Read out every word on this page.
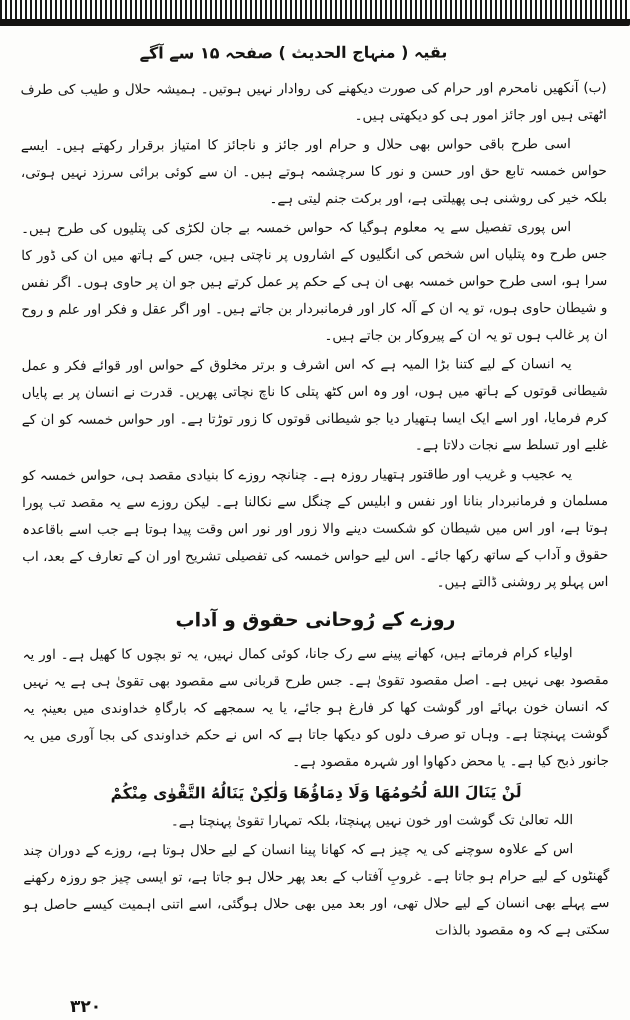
بقیہ ( منہاج الحدیث ) صفحہ ۱۵ سے آگے

(ب) آنکھیں نامحرم اور حرام کی صورت دیکھنے کی روادار نہیں ہوتیں۔ ہمیشہ حلال و طیب کی طرف اٹھتی ہیں اور جائز امور ہی کو دیکھتی ہیں۔

اسی طرح باقی حواس بھی حلال و حرام اور جائز و ناجائز کا امتیاز برقرار رکھتے ہیں۔ ایسے حواس خمسہ تابع حق اور حسن و نور کا سرچشمہ ہوتے ہیں۔ ان سے کوئی برائی سرزد نہیں ہوتی، بلکہ خیر کی روشنی ہی پھیلتی ہے، اور برکت جنم لیتی ہے۔

اس پوری تفصیل سے یہ معلوم ہوگیا کہ حواس خمسہ بے جان لکڑی کی پتلیوں کی طرح ہیں۔ جس طرح وہ پتلیاں اس شخص کی انگلیوں کے اشاروں پر ناچتی ہیں، جس کے ہاتھ میں ان کی ڈور کا سرا ہو، اسی طرح حواس خمسہ بھی ان ہی کے حکم پر عمل کرتے ہیں جو ان پر حاوی ہوں۔ اگر نفس و شیطان حاوی ہوں، تو یہ ان کے آلہ کار اور فرمانبردار بن جاتے ہیں۔ اور اگر عقل و فکر اور علم و روح ان پر غالب ہوں تو یہ ان کے پیروکار بن جاتے ہیں۔

یہ انسان کے لیے کتنا بڑا المیہ ہے کہ اس اشرف و برتر مخلوق کے حواس اور قوائے فکر و عمل شیطانی قوتوں کے ہاتھ میں ہوں، اور وہ اس کٹھ پتلی کا ناچ نچاتی پھریں۔ قدرت نے انسان پر بے پایاں کرم فرمایا، اور اسے ایک ایسا ہتھیار دیا جو شیطانی قوتوں کا زور توڑتا ہے۔ اور حواس خمسہ کو ان کے غلبے اور تسلط سے نجات دلاتا ہے۔

یہ عجیب و غریب اور طاقتور ہتھیار روزہ ہے۔ چنانچہ روزے کا بنیادی مقصد ہی، حواس خمسہ کو مسلمان و فرمانبردار بنانا اور نفس و ابلیس کے چنگل سے نکالنا ہے۔ لیکن روزے سے یہ مقصد تب پورا ہوتا ہے، اور اس میں شیطان کو شکست دینے والا زور اور نور اس وقت پیدا ہوتا ہے جب اسے باقاعدہ حقوق و آداب کے ساتھ رکھا جائے۔ اس لیے حواس خمسہ کی تفصیلی تشریح اور ان کے تعارف کے بعد، اب اس پہلو پر روشنی ڈالتے ہیں۔

روزے کے رُوحانی حقوق و آداب

اولیاء کرام فرماتے ہیں، کھانے پینے سے رک جانا، کوئی کمال نہیں، یہ تو بچوں کا کھیل ہے۔ اور یہ مقصود بھی نہیں ہے۔ اصل مقصود تقویٰ ہے۔ جس طرح قربانی سے مقصود بھی تقویٰ ہی ہے یہ نہیں کہ انسان خون بہائے اور گوشت کھا کر فارغ ہو جائے، یا یہ سمجھے کہ بارگاہِ خداوندی میں بعینہٖ یہ گوشت پہنچتا ہے۔ وہاں تو صرف دلوں کو دیکھا جاتا ہے کہ اس نے حکم خداوندی کی بجا آوری میں یہ جانور ذبح کیا ہے۔ یا محض دکھاوا اور شہرہ مقصود ہے۔

لَنْ يَنَالَ اللهَ لُحُومُهَا وَلَا دِمَاؤُهَا وَلٰكِنْ يَنَالُهُ التَّقْوٰى مِنْكُمْ

اللہ تعالیٰ تک گوشت اور خون نہیں پہنچتا، بلکہ تمہارا تقویٰ پہنچتا ہے۔

اس کے علاوہ سوچنے کی یہ چیز ہے کہ کھانا پینا انسان کے لیے حلال ہوتا ہے، روزے کے دوران چند گھنٹوں کے لیے حرام ہو جاتا ہے۔ غروبِ آفتاب کے بعد پھر حلال ہو جاتا ہے، تو ایسی چیز جو روزہ رکھنے سے پہلے بھی انسان کے لیے حلال تھی، اور بعد میں بھی حلال ہوگئی، اسے اتنی اہمیت کیسے حاصل ہو سکتی ہے کہ وہ مقصود بالذات

۳۲۰
